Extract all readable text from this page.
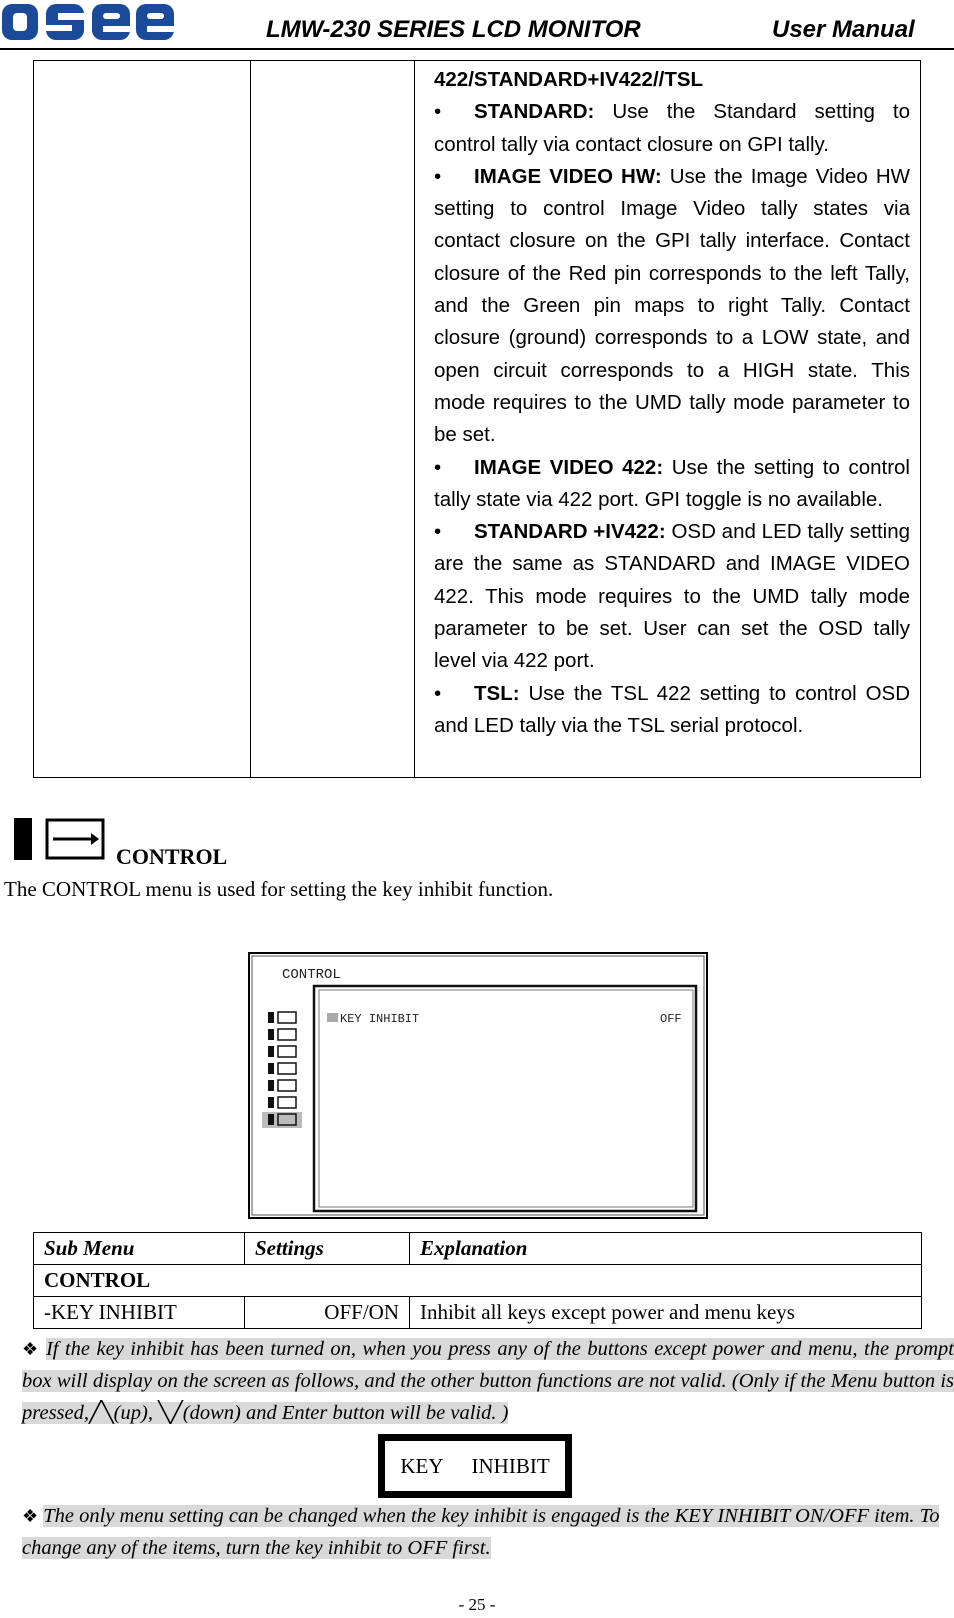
LMW-230 SERIES LCD MONITOR	User Manual

422/STANDARD+IV422//TSL

• STANDARD: Use the Standard setting to control tally via contact closure on GPI tally.

• IMAGE VIDEO HW: Use the Image Video HW setting to control Image Video tally states via contact closure on the GPI tally interface. Contact closure of the Red pin corresponds to the left Tally, and the Green pin maps to right Tally. Contact closure (ground) corresponds to a LOW state, and open circuit corresponds to a HIGH state. This mode requires to the UMD tally mode parameter to be set.

• IMAGE VIDEO 422: Use the setting to control tally state via 422 port. GPI toggle is no available.

• STANDARD +IV422: OSD and LED tally setting are the same as STANDARD and IMAGE VIDEO 422. This mode requires to the UMD tally mode parameter to be set. User can set the OSD tally level via 422 port.

• TSL: Use the TSL 422 setting to control OSD and LED tally via the TSL serial protocol.

CONTROL
The CONTROL menu is used for setting the key inhibit function.
CONTROL
KEY INHIBIT	OFF
Sub Menu	Settings	Explanation
CONTROL		
-KEY INHIBIT	OFF/ON	Inhibit all keys except power and menu keys
❖ If the key inhibit has been turned on, when you press any of the buttons except power and menu, the prompt box will display on the screen as follows, and the other button functions are not valid. (Only if the Menu button is pressed,╱╲(up), ╲╱(down) and Enter button will be valid. )
KEY INHIBIT
❖ The only menu setting can be changed when the key inhibit is engaged is the KEY INHIBIT ON/OFF item. To change any of the items, turn the key inhibit to OFF first.
- 25 -
